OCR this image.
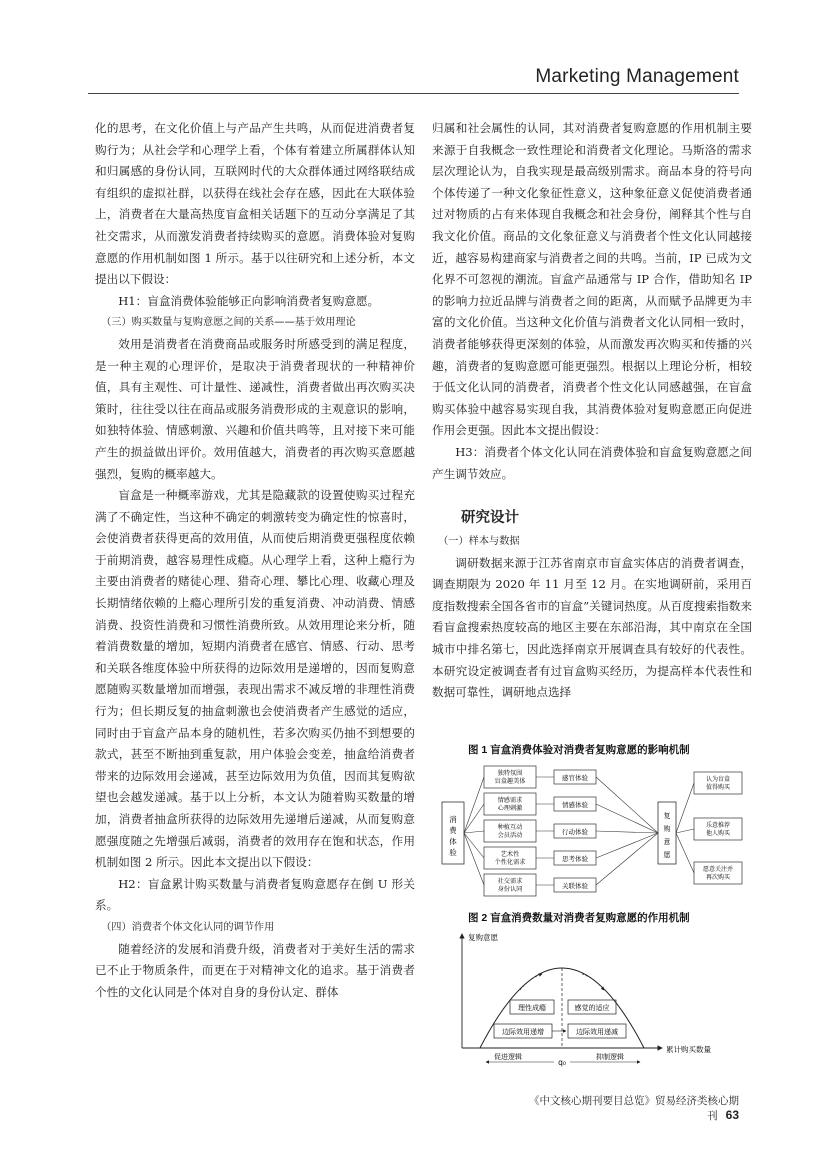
Marketing Management

化的思考，在文化价值上与产品产生共鸣，从而促进消费者复购行为；从社会学和心理学上看，个体有着建立所属群体认知和归属感的身份认同，互联网时代的大众群体通过网络联结成有组织的虚拟社群，以获得在线社会存在感，因此在大联体验上，消费者在大量高热度盲盒相关话题下的互动分享满足了其社交需求，从而激发消费者持续购买的意愿。消费体验对复购意愿的作用机制如图 1 所示。基于以往研究和上述分析，本文提出以下假设：

H1：盲盒消费体验能够正向影响消费者复购意愿。

（三）购买数量与复购意愿之间的关系——基于效用理论

效用是消费者在消费商品或服务时所感受到的满足程度，是一种主观的心理评价，是取决于消费者现状的一种精神价值，具有主观性、可计量性、递减性，消费者做出再次购买决策时，往往受以往在商品或服务消费形成的主观意识的影响，如独特体验、情感刺激、兴趣和价值共鸣等，且对接下来可能产生的损益做出评价。效用值越大，消费者的再次购买意愿越强烈，复购的概率越大。

盲盒是一种概率游戏，尤其是隐藏款的设置使购买过程充满了不确定性，当这种不确定的刺激转变为确定性的惊喜时，会使消费者获得更高的效用值，从而使后期消费更强程度依赖于前期消费，越容易理性成瘾。从心理学上看，这种上瘾行为主要由消费者的赌徒心理、猎奇心理、攀比心理、收藏心理及长期情绪依赖的上瘾心理所引发的重复消费、冲动消费、情感消费、投资性消费和习惯性消费所致。从效用理论来分析，随着消费数量的增加，短期内消费者在感官、情感、行动、思考和关联各维度体验中所获得的边际效用是递增的，因而复购意愿随购买数量增加而增强，表现出需求不减反增的非理性消费行为；但长期反复的抽盒刺激也会使消费者产生感觉的适应，同时由于盲盒产品本身的随机性，若多次购买仍抽不到想要的款式，甚至不断抽到重复款，用户体验会变差，抽盒给消费者带来的边际效用会递减，甚至边际效用为负值，因而其复购欲望也会越发递减。基于以上分析，本文认为随着购买数量的增加，消费者抽盒所获得的边际效用先递增后递减，从而复购意愿强度随之先增强后减弱，消费者的效用存在饱和状态，作用机制如图 2 所示。因此本文提出以下假设：

H2：盲盒累计购买数量与消费者复购意愿存在倒 U 形关系。

（四）消费者个体文化认同的调节作用

随着经济的发展和消费升级，消费者对于美好生活的需求已不止于物质条件，而更在于对精神文化的追求。基于消费者个性的文化认同是个体对自身的身份认定、群体

归属和社会属性的认同，其对消费者复购意愿的作用机制主要来源于自我概念一致性理论和消费者文化理论。马斯洛的需求层次理论认为，自我实现是最高级别需求。商品本身的符号向个体传递了一种文化象征性意义，这种象征意义促使消费者通过对物质的占有来体现自我概念和社会身份，阐释其个性与自我文化价值。商品的文化象征意义与消费者个性文化认同越接近，越容易构建商家与消费者之间的共鸣。当前，IP 已成为文化界不可忽视的潮流。盲盒产品通常与 IP 合作，借助知名 IP 的影响力拉近品牌与消费者之间的距离，从而赋予品牌更为丰富的文化价值。当这种文化价值与消费者文化认同相一致时，消费者能够获得更深刻的体验，从而激发再次购买和传播的兴趣，消费者的复购意愿可能更强烈。根据以上理论分析，相较于低文化认同的消费者，消费者个性文化认同感越强，在盲盒购买体验中越容易实现自我，其消费体验对复购意愿正向促进作用会更强。因此本文提出假设：

H3：消费者个体文化认同在消费体验和盲盒复购意愿之间产生调节效应。

研究设计

（一）样本与数据

调研数据来源于江苏省南京市盲盒实体店的消费者调查，调查期限为 2020 年 11 月至 12 月。在实地调研前，采用百度指数搜索全国各省市的盲盒”关键词热度。从百度搜索指数来看盲盒搜索热度较高的地区主要在东部沿海，其中南京在全国城市中排名第七，因此选择南京开展调查具有较好的代表性。本研究设定被调查者有过盲盒购买经历，为提高样本代表性和数据可靠性，调研地点选择

图 1 盲盒消费体验对消费者复购意愿的影响机制

消费体验
独特氛围盲盒趣美体
情感需求心理刺激
种植互动会员活动
艺术性个性化需求
社交需求身份认同
感官体验
情感体验
行动体验
思考体验
关联体验
复购意愿
认为盲盒值得购买
乐意推荐他人购买
愿意关注并再次购买

图 2 盲盒消费数量对消费者复购意愿的作用机制

复购意愿
累计购买数量
理性成瘾	感觉的适应
边际效用递增	边际效用递减
促进逻辑
q₀
抑制逻辑
《中文核心期刊要目总览》贸易经济类核心期刊 63
